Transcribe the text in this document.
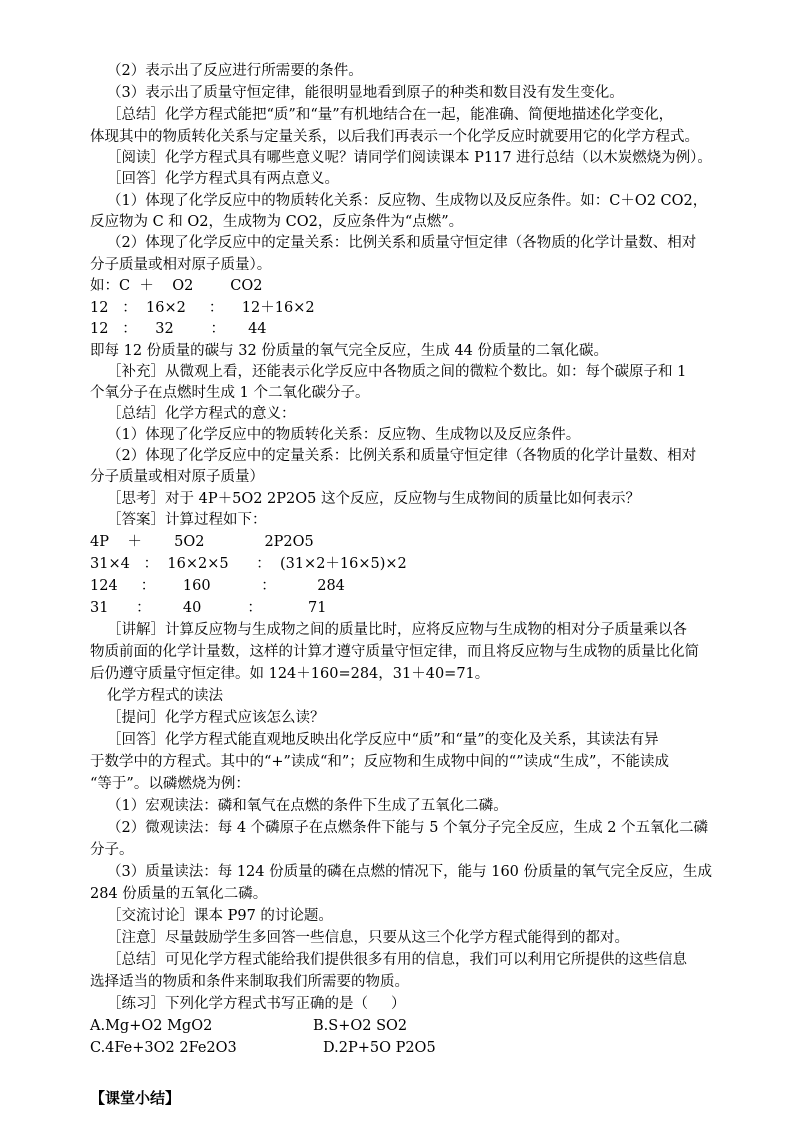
（2）表示出了反应进行所需要的条件。
（3）表示出了质量守恒定律，能很明显地看到原子的种类和数目没有发生变化。
［总结］化学方程式能把“质”和“量”有机地结合在一起，能准确、简便地描述化学变化，
体现其中的物质转化关系与定量关系，以后我们再表示一个化学反应时就要用它的化学方程式。
［阅读］化学方程式具有哪些意义呢？请同学们阅读课本 P117 进行总结（以木炭燃烧为例）。
［回答］化学方程式具有两点意义。
（1）体现了化学反应中的物质转化关系：反应物、生成物以及反应条件。如：C＋O2 CO2，
反应物为 C 和 O2，生成物为 CO2，反应条件为“点燃”。
（2）体现了化学反应中的定量关系：比例关系和质量守恒定律（各物质的化学计量数、相对
分子质量或相对原子质量）。
如：C  ＋    O2        CO2
12   ：  16×2     ：    12＋16×2
12   ：    32        ：     44
即每 12 份质量的碳与 32 份质量的氧气完全反应，生成 44 份质量的二氧化碳。
［补充］从微观上看，还能表示化学反应中各物质之间的微粒个数比。如：每个碳原子和 1
个氧分子在点燃时生成 1 个二氧化碳分子。
［总结］化学方程式的意义：
（1）体现了化学反应中的物质转化关系：反应物、生成物以及反应条件。
（2）体现了化学反应中的定量关系：比例关系和质量守恒定律（各物质的化学计量数、相对
分子质量或相对原子质量）
［思考］对于 4P＋5O2 2P2O5 这个反应，反应物与生成物间的质量比如何表示？
［答案］计算过程如下：
4P    ＋       5O2             2P2O5
31×4   ：  16×2×5      ：  (31×2＋16×5)×2
124     ：      160           ：         284
31      ：       40          ：          71
［讲解］计算反应物与生成物之间的质量比时，应将反应物与生成物的相对分子质量乘以各
物质前面的化学计量数，这样的计算才遵守质量守恒定律，而且将反应物与生成物的质量比化简
后仍遵守质量守恒定律。如 124＋160=284，31＋40=71。
化学方程式的读法
［提问］化学方程式应该怎么读？
［回答］化学方程式能直观地反映出化学反应中“质”和“量”的变化及关系，其读法有异
于数学中的方程式。其中的“+”读成“和”；反应物和生成物中间的“”读成“生成”，不能读成
“等于”。以磷燃烧为例：
（1）宏观读法：磷和氧气在点燃的条件下生成了五氧化二磷。
（2）微观读法：每 4 个磷原子在点燃条件下能与 5 个氧分子完全反应，生成 2 个五氧化二磷
分子。
（3）质量读法：每 124 份质量的磷在点燃的情况下，能与 160 份质量的氧气完全反应，生成
284 份质量的五氧化二磷。
［交流讨论］课本 P97 的讨论题。
［注意］尽量鼓励学生多回答一些信息，只要从这三个化学方程式能得到的都对。
［总结］可见化学方程式能给我们提供很多有用的信息，我们可以利用它所提供的这些信息
选择适当的物质和条件来制取我们所需要的物质。
［练习］下列化学方程式书写正确的是（     ）
A.Mg+O2 MgO2	B.S+O2 SO2
C.4Fe+3O2 2Fe2O3	D.2P+5O P2O5
【课堂小结】
